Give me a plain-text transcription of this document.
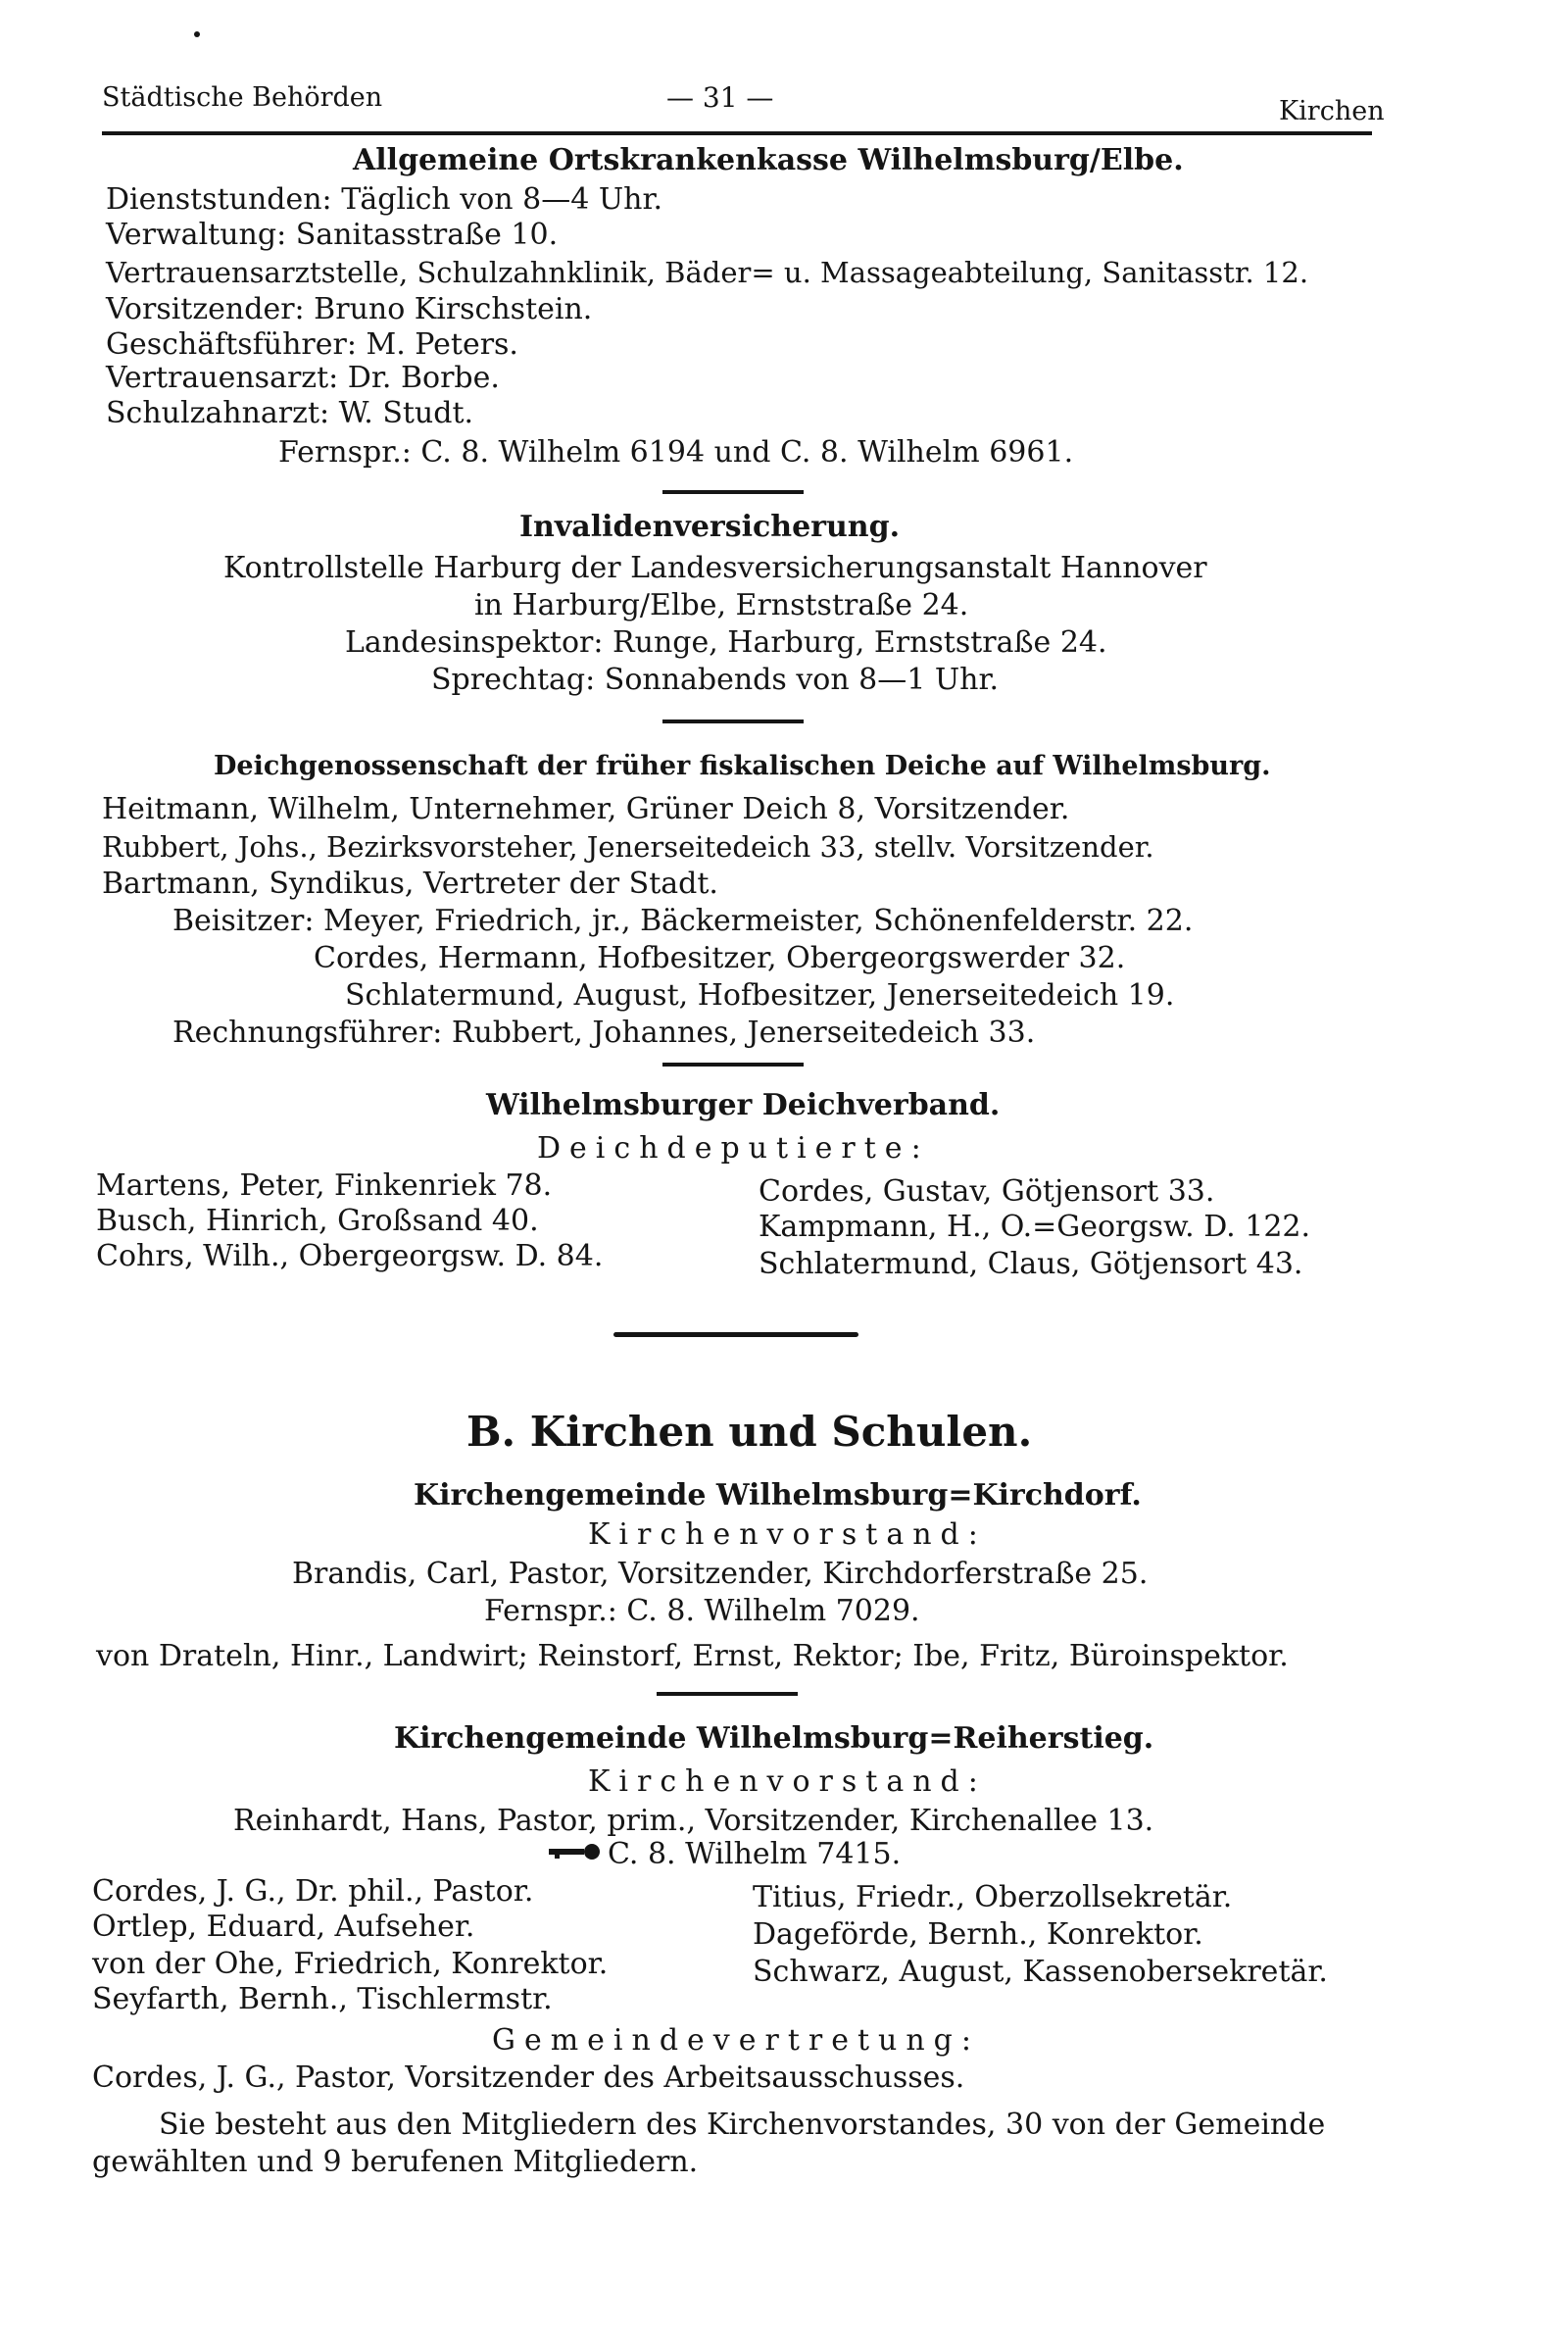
Städtische Behörden	— 31 —	Kirchen
Allgemeine Ortskrankenkasse Wilhelmsburg/Elbe.
Dienststunden: Täglich von 8—4 Uhr.
Verwaltung: Sanitasstraße 10.
Vertrauensarztstelle, Schulzahnklinik, Bäder= u. Massageabteilung, Sanitasstr. 12.
Vorsitzender: Bruno Kirschstein.
Geschäftsführer: M. Peters.
Vertrauensarzt: Dr. Borbe.
Schulzahnarzt: W. Studt.
Fernspr.: C. 8. Wilhelm 6194 und C. 8. Wilhelm 6961.
Invalidenversicherung.
Kontrollstelle Harburg der Landesversicherungsanstalt Hannover
in Harburg/Elbe, Ernststraße 24.
Landesinspektor: Runge, Harburg, Ernststraße 24.
Sprechtag: Sonnabends von 8—1 Uhr.
Deichgenossenschaft der früher fiskalischen Deiche auf Wilhelmsburg.
Heitmann, Wilhelm, Unternehmer, Grüner Deich 8, Vorsitzender.
Rubbert, Johs., Bezirksvorsteher, Jenerseitedeich 33, stellv. Vorsitzender.
Bartmann, Syndikus, Vertreter der Stadt.
Beisitzer: Meyer, Friedrich, jr., Bäckermeister, Schönenfelderstr. 22.
Cordes, Hermann, Hofbesitzer, Obergeorgswerder 32.
Schlatermund, August, Hofbesitzer, Jenerseitedeich 19.
Rechnungsführer: Rubbert, Johannes, Jenerseitedeich 33.
Wilhelmsburger Deichverband.
Deichdeputierte:
Martens, Peter, Finkenriek 78.
Busch, Hinrich, Großsand 40.
Cohrs, Wilh., Obergeorgsw. D. 84.
Cordes, Gustav, Götjensort 33.
Kampmann, H., O.=Georgsw. D. 122.
Schlatermund, Claus, Götjensort 43.
B. Kirchen und Schulen.
Kirchengemeinde Wilhelmsburg=Kirchdorf.
Kirchenvorstand:
Brandis, Carl, Pastor, Vorsitzender, Kirchdorferstraße 25.
Fernspr.: C. 8. Wilhelm 7029.
von Drateln, Hinr., Landwirt; Reinstorf, Ernst, Rektor; Ibe, Fritz, Büroinspektor.
Kirchengemeinde Wilhelmsburg=Reiherstieg.
Kirchenvorstand:
Reinhardt, Hans, Pastor, prim., Vorsitzender, Kirchenallee 13.
C. 8. Wilhelm 7415.
Cordes, J. G., Dr. phil., Pastor.
Ortlep, Eduard, Aufseher.
von der Ohe, Friedrich, Konrektor.
Seyfarth, Bernh., Tischlermstr.
Titius, Friedr., Oberzollsekretär.
Dageförde, Bernh., Konrektor.
Schwarz, August, Kassenobersekretär.
Gemeindevertretung:
Cordes, J. G., Pastor, Vorsitzender des Arbeitsausschusses.
Sie besteht aus den Mitgliedern des Kirchenvorstandes, 30 von der Gemeinde
gewählten und 9 berufenen Mitgliedern.
